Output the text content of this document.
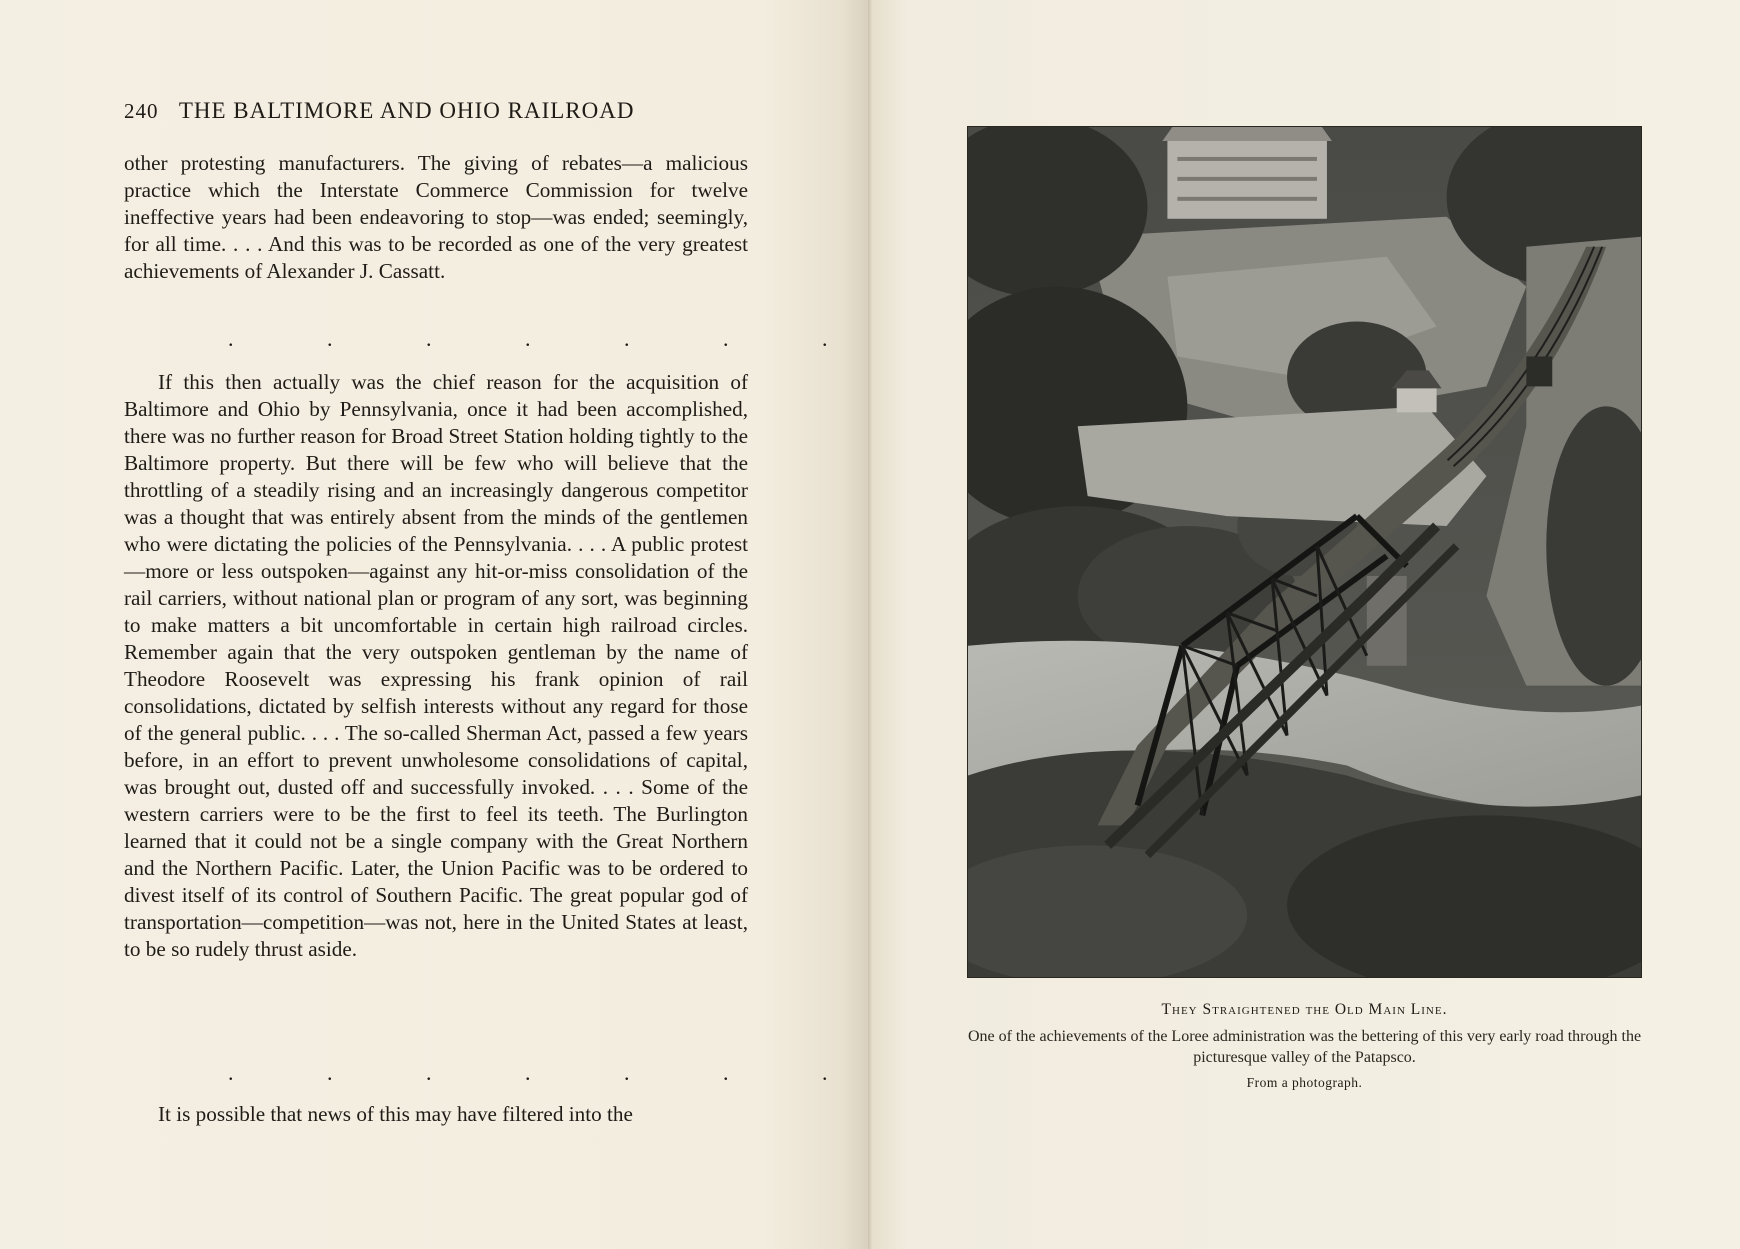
240 THE BALTIMORE AND OHIO RAILROAD

other protesting manufacturers. The giving of rebates—a malicious practice which the Interstate Commerce Commission for twelve ineffective years had been endeavoring to stop—was ended; seemingly, for all time. . . . And this was to be recorded as one of the very greatest achievements of Alexander J. Cassatt.

. . . . . . .

If this then actually was the chief reason for the acquisition of Baltimore and Ohio by Pennsylvania, once it had been accomplished, there was no further reason for Broad Street Station holding tightly to the Baltimore property. But there will be few who will believe that the throttling of a steadily rising and an increasingly dangerous competitor was a thought that was entirely absent from the minds of the gentlemen who were dictating the policies of the Pennsylvania. . . . A public protest—more or less outspoken—against any hit-or-miss consolidation of the rail carriers, without national plan or program of any sort, was beginning to make matters a bit uncomfortable in certain high railroad circles. Remember again that the very outspoken gentleman by the name of Theodore Roosevelt was expressing his frank opinion of rail consolidations, dictated by selfish interests without any regard for those of the general public. . . . The so-called Sherman Act, passed a few years before, in an effort to prevent unwholesome consolidations of capital, was brought out, dusted off and successfully invoked. . . . Some of the western carriers were to be the first to feel its teeth. The Burlington learned that it could not be a single company with the Great Northern and the Northern Pacific. Later, the Union Pacific was to be ordered to divest itself of its control of Southern Pacific. The great popular god of transportation—competition—was not, here in the United States at least, to be so rudely thrust aside.

. . . . . . .

It is possible that news of this may have filtered into the

They Straightened the Old Main Line.
One of the achievements of the Loree administration was the bettering of this very early road through the picturesque valley of the Patapsco.
From a photograph.
